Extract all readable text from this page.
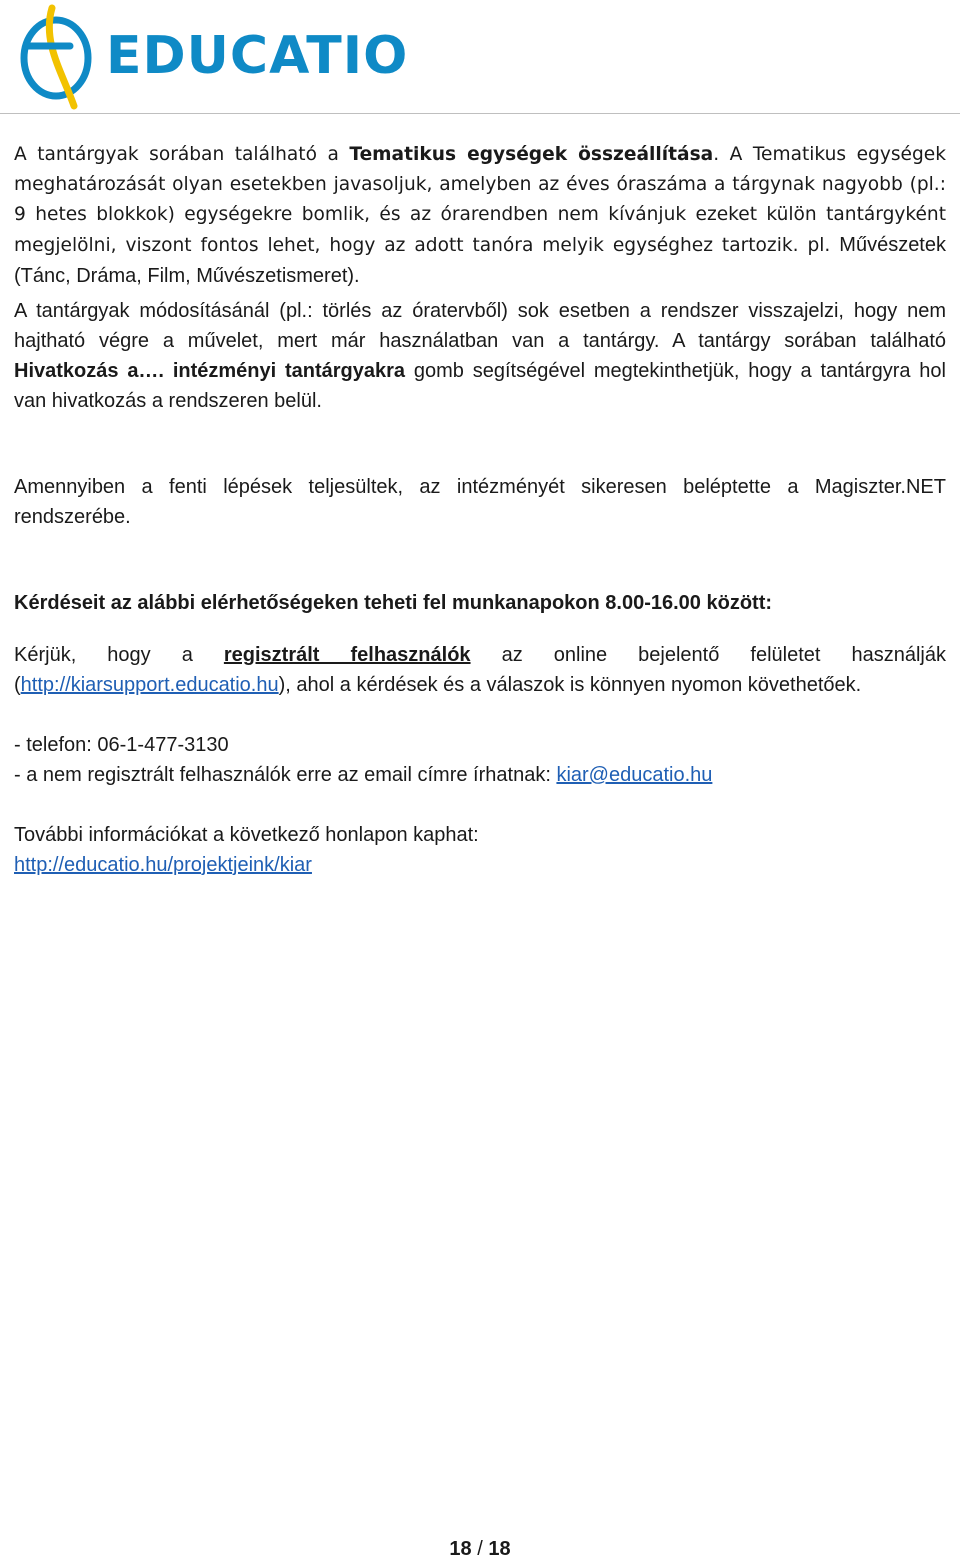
EDUCATIO

A tantárgyak sorában található a Tematikus egységek összeállítása. A Tematikus egységek meghatározását olyan esetekben javasoljuk, amelyben az éves óraszáma a tárgynak nagyobb (pl.: 9 hetes blokkok) egységekre bomlik, és az órarendben nem kívánjuk ezeket külön tantárgyként megjelölni, viszont fontos lehet, hogy az adott tanóra melyik egységhez tartozik. pl. Művészetek (Tánc, Dráma, Film, Művészetismeret).

A tantárgyak módosításánál (pl.: törlés az óratervből) sok esetben a rendszer visszajelzi, hogy nem hajtható végre a művelet, mert már használatban van a tantárgy. A tantárgy sorában található Hivatkozás a…. intézményi tantárgyakra gomb segítségével megtekinthetjük, hogy a tantárgyra hol van hivatkozás a rendszeren belül.

Amennyiben a fenti lépések teljesültek, az intézményét sikeresen beléptette a Magiszter.NET rendszerébe.

Kérdéseit az alábbi elérhetőségeken teheti fel munkanapokon 8.00-16.00 között:

Kérjük, hogy a regisztrált felhasználók az online bejelentő felületet használják (http://kiarsupport.educatio.hu), ahol a kérdések és a válaszok is könnyen nyomon követhetőek.

- telefon: 06-1-477-3130

- a nem regisztrált felhasználók erre az email címre írhatnak: kiar@educatio.hu

További információkat a következő honlapon kaphat:

http://educatio.hu/projektjeink/kiar

18 / 18
